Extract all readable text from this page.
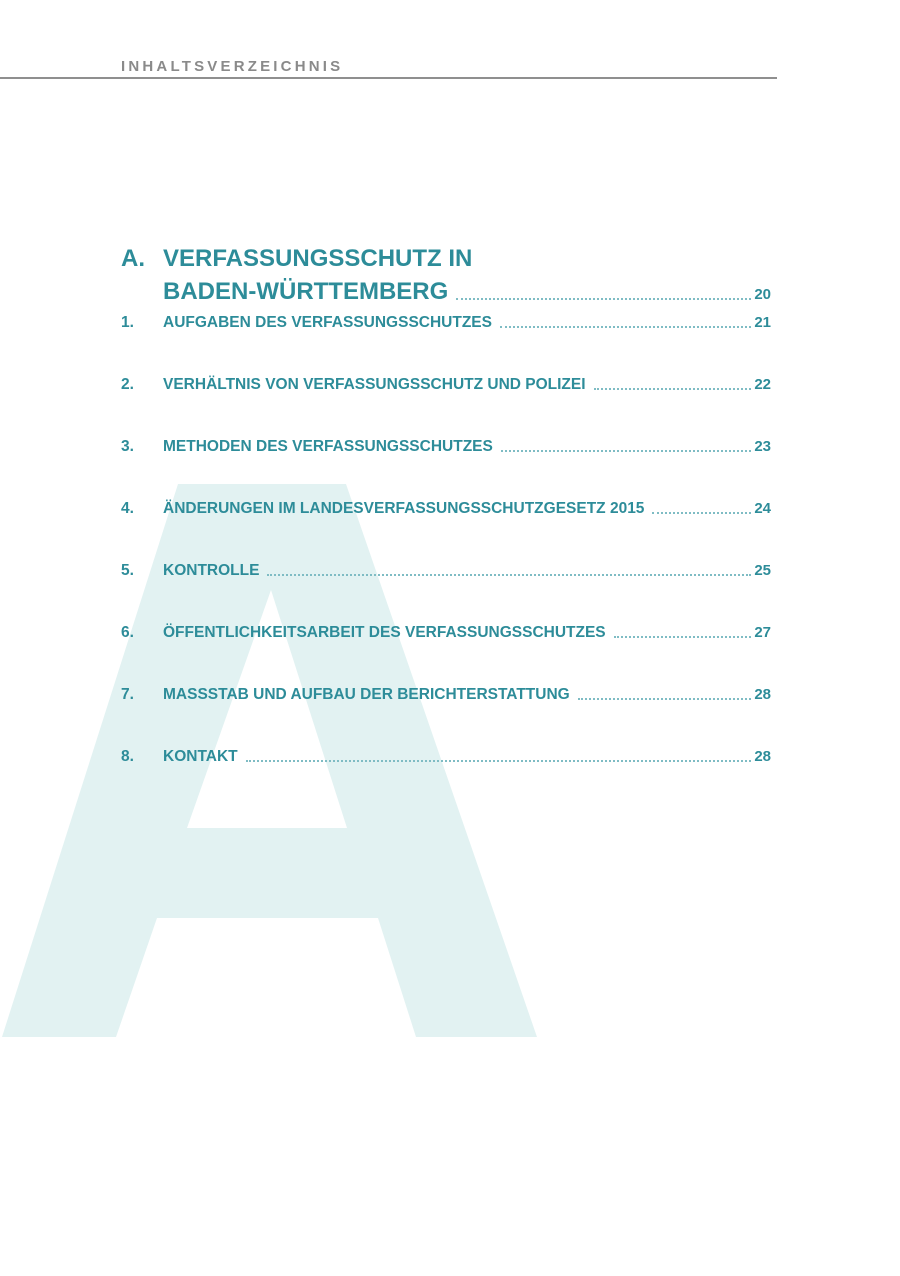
INHALTSVERZEICHNIS
A. VERFASSUNGSSCHUTZ IN
BADEN-WÜRTTEMBERG	20
1. AUFGABEN DES VERFASSUNGSSCHUTZES	21
2. VERHÄLTNIS VON VERFASSUNGSSCHUTZ UND POLIZEI	22
3. METHODEN DES VERFASSUNGSSCHUTZES	23
4. ÄNDERUNGEN IM LANDESVERFASSUNGSSCHUTZGESETZ 2015	24
5. KONTROLLE	25
6. ÖFFENTLICHKEITSARBEIT DES VERFASSUNGSSCHUTZES	27
7. MASSSTAB UND AUFBAU DER BERICHTERSTATTUNG	28
8. KONTAKT	28
